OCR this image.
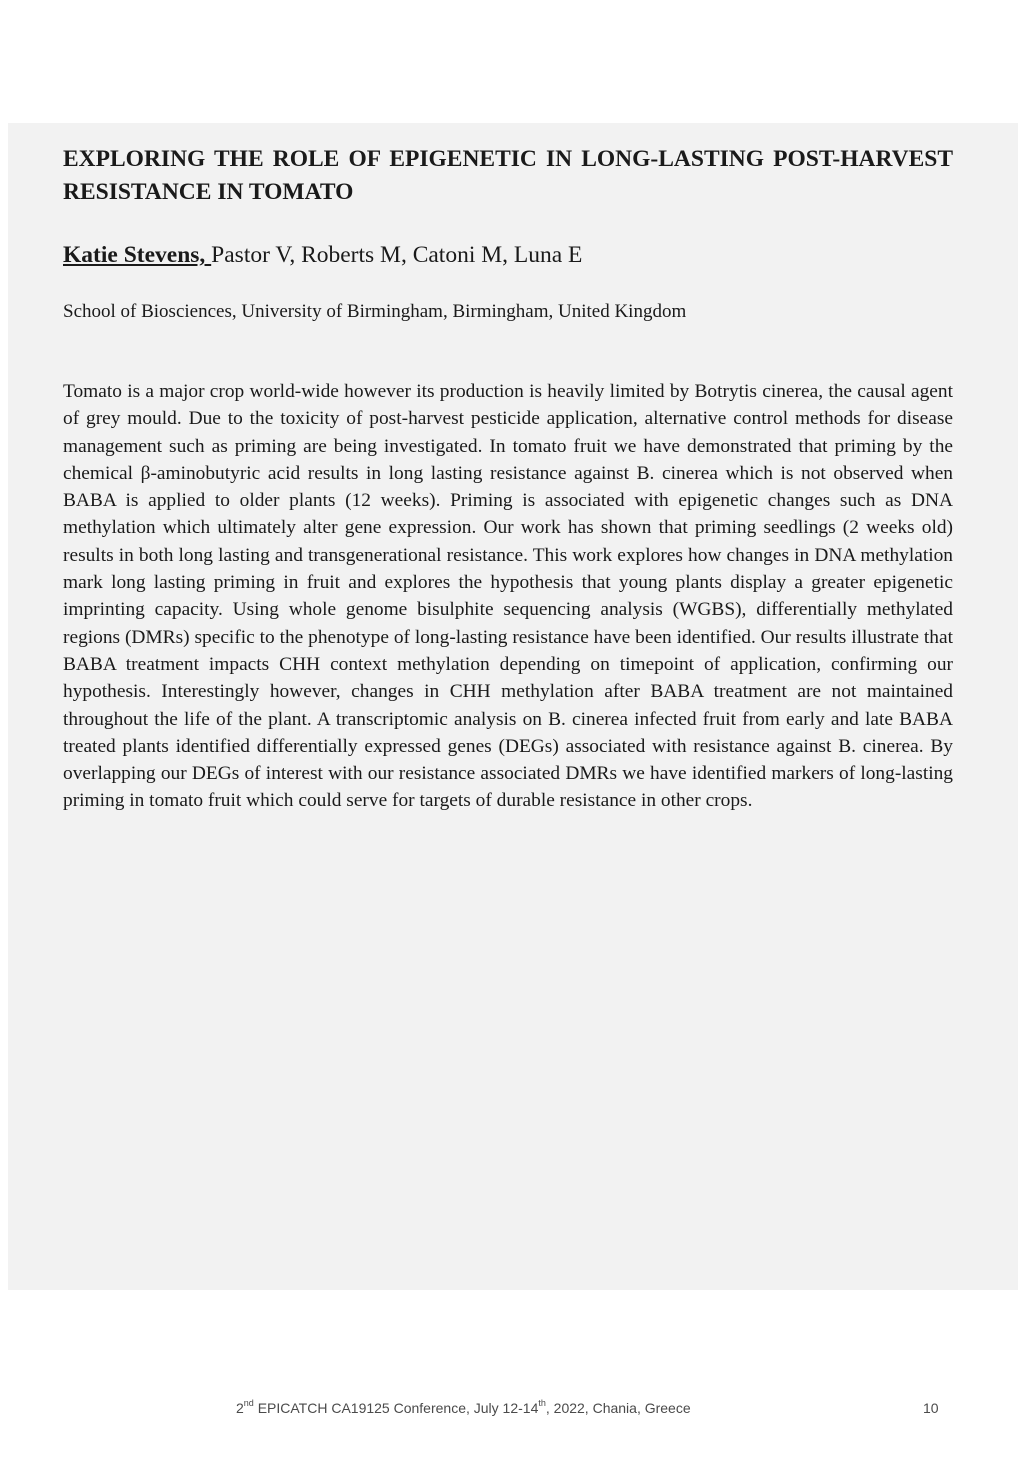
EXPLORING THE ROLE OF EPIGENETIC IN LONG-LASTING POST-HARVEST RESISTANCE IN TOMATO
Katie Stevens, Pastor V, Roberts M, Catoni M, Luna E
School of Biosciences, University of Birmingham, Birmingham, United Kingdom

Tomato is a major crop world-wide however its production is heavily limited by Botrytis cinerea, the causal agent of grey mould. Due to the toxicity of post-harvest pesticide application, alternative control methods for disease management such as priming are being investigated. In tomato fruit we have demonstrated that priming by the chemical β-aminobutyric acid results in long lasting resistance against B. cinerea which is not observed when BABA is applied to older plants (12 weeks). Priming is associated with epigenetic changes such as DNA methylation which ultimately alter gene expression. Our work has shown that priming seedlings (2 weeks old) results in both long lasting and transgenerational resistance. This work explores how changes in DNA methylation mark long lasting priming in fruit and explores the hypothesis that young plants display a greater epigenetic imprinting capacity. Using whole genome bisulphite sequencing analysis (WGBS), differentially methylated regions (DMRs) specific to the phenotype of long-lasting resistance have been identified. Our results illustrate that BABA treatment impacts CHH context methylation depending on timepoint of application, confirming our hypothesis. Interestingly however, changes in CHH methylation after BABA treatment are not maintained throughout the life of the plant. A transcriptomic analysis on B. cinerea infected fruit from early and late BABA treated plants identified differentially expressed genes (DEGs) associated with resistance against B. cinerea. By overlapping our DEGs of interest with our resistance associated DMRs we have identified markers of long-lasting priming in tomato fruit which could serve for targets of durable resistance in other crops.

2nd EPICATCH CA19125 Conference, July 12-14th, 2022, Chania, Greece	10
